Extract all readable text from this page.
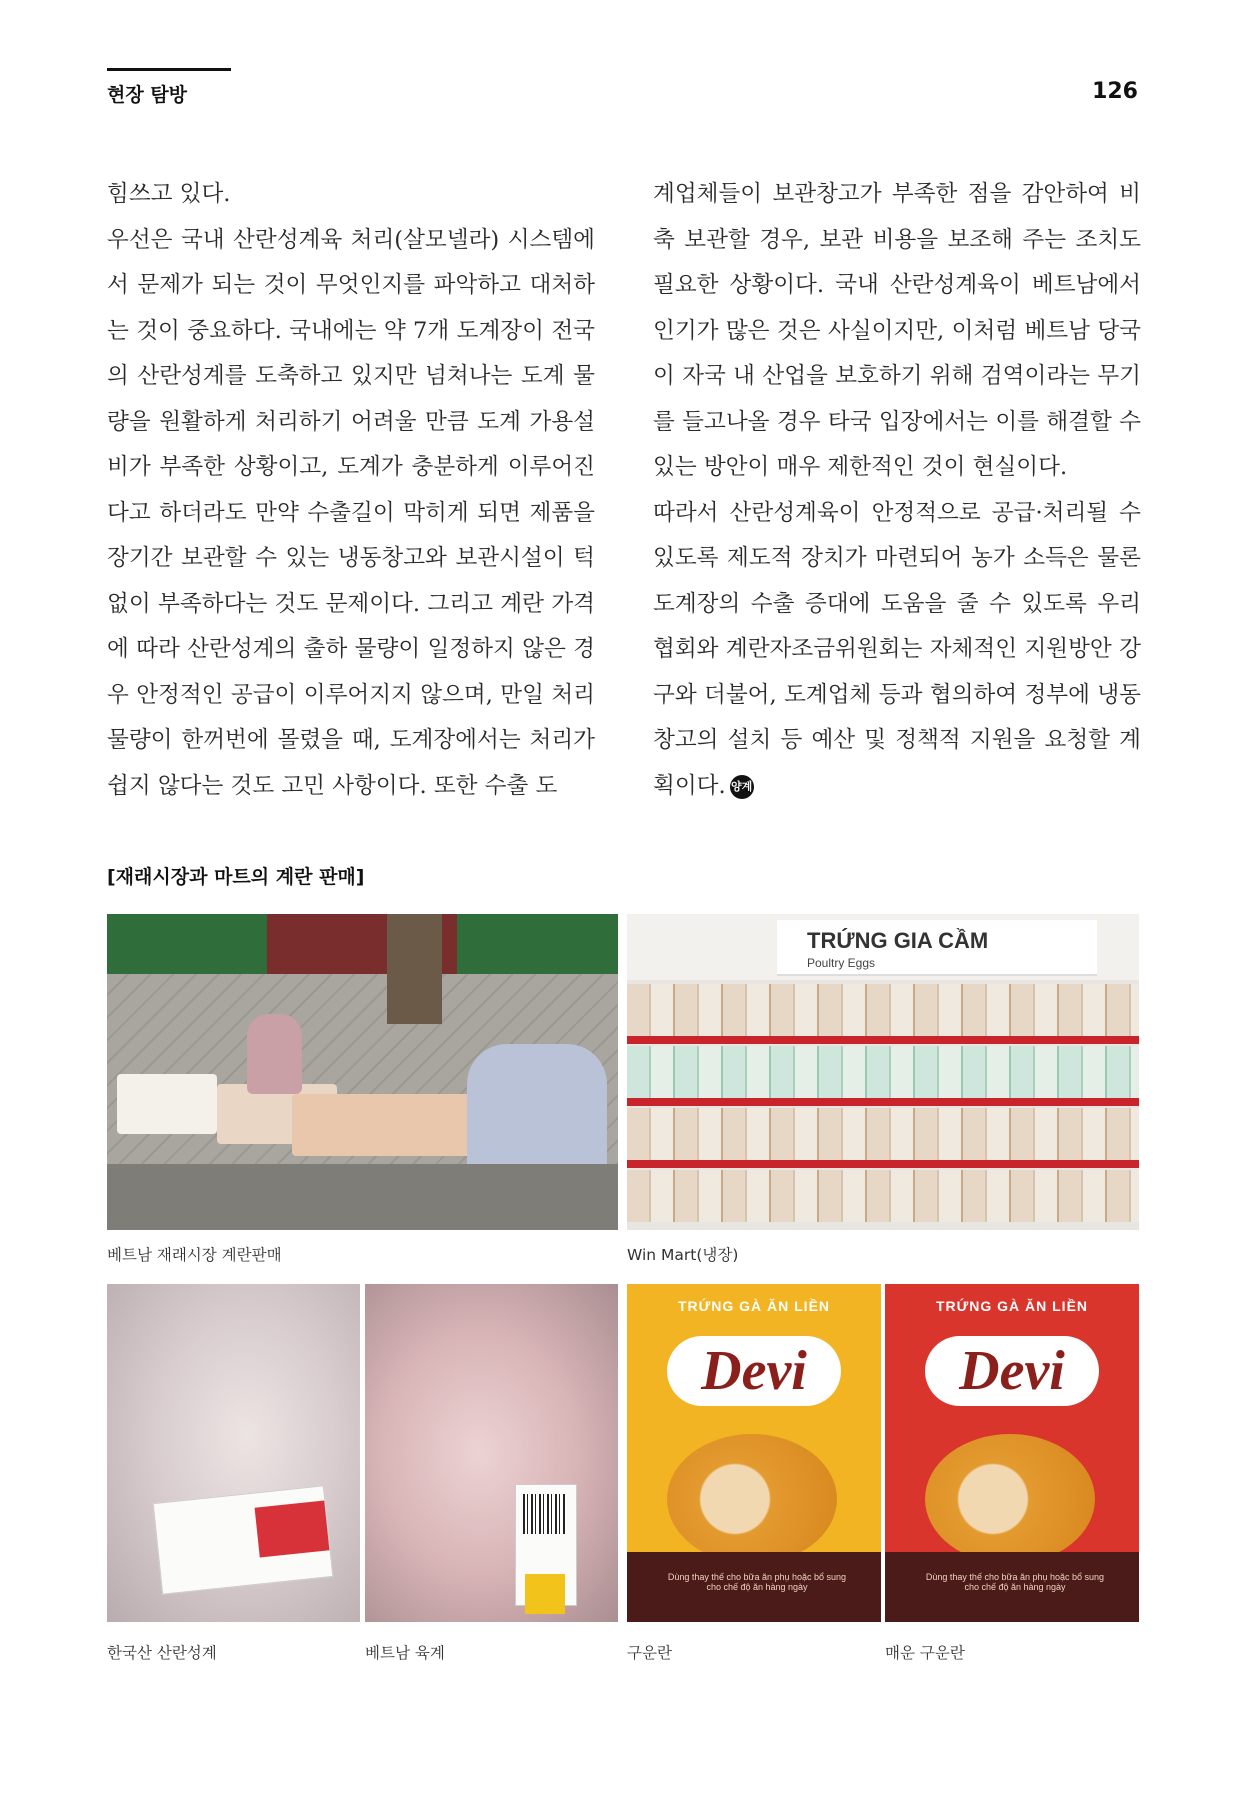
현장 탐방	126

힘쓰고 있다.

우선은 국내 산란성계육 처리(살모넬라) 시스템에서 문제가 되는 것이 무엇인지를 파악하고 대처하는 것이 중요하다. 국내에는 약 7개 도계장이 전국의 산란성계를 도축하고 있지만 넘쳐나는 도계 물량을 원활하게 처리하기 어려울 만큼 도계 가용설비가 부족한 상황이고, 도계가 충분하게 이루어진다고 하더라도 만약 수출길이 막히게 되면 제품을 장기간 보관할 수 있는 냉동창고와 보관시설이 턱없이 부족하다는 것도 문제이다. 그리고 계란 가격에 따라 산란성계의 출하 물량이 일정하지 않은 경우 안정적인 공급이 이루어지지 않으며, 만일 처리 물량이 한꺼번에 몰렸을 때, 도계장에서는 처리가 쉽지 않다는 것도 고민 사항이다. 또한 수출 도

계업체들이 보관창고가 부족한 점을 감안하여 비축 보관할 경우, 보관 비용을 보조해 주는 조치도 필요한 상황이다. 국내 산란성계육이 베트남에서 인기가 많은 것은 사실이지만, 이처럼 베트남 당국이 자국 내 산업을 보호하기 위해 검역이라는 무기를 들고나올 경우 타국 입장에서는 이를 해결할 수 있는 방안이 매우 제한적인 것이 현실이다.

따라서 산란성계육이 안정적으로 공급·처리될 수 있도록 제도적 장치가 마련되어 농가 소득은 물론 도계장의 수출 증대에 도움을 줄 수 있도록 우리 협회와 계란자조금위원회는 자체적인 지원방안 강구와 더불어, 도계업체 등과 협의하여 정부에 냉동창고의 설치 등 예산 및 정책적 지원을 요청할 계획이다. 양계

[재래시장과 마트의 계란 판매]
베트남 재래시장 계란판매
TRỨNG GIA CẦM
Poultry Eggs
Win Mart(냉장)
한국산 산란성계	베트남 육계
TRỨNG GÀ ĂN LIỀN
Devi
Dùng thay thế cho bữa ăn phụ hoặc bổ sung cho chế độ ăn hàng ngày
구운란
TRỨNG GÀ ĂN LIỀN
Devi
Dùng thay thế cho bữa ăn phụ hoặc bổ sung cho chế độ ăn hàng ngày
매운 구운란
